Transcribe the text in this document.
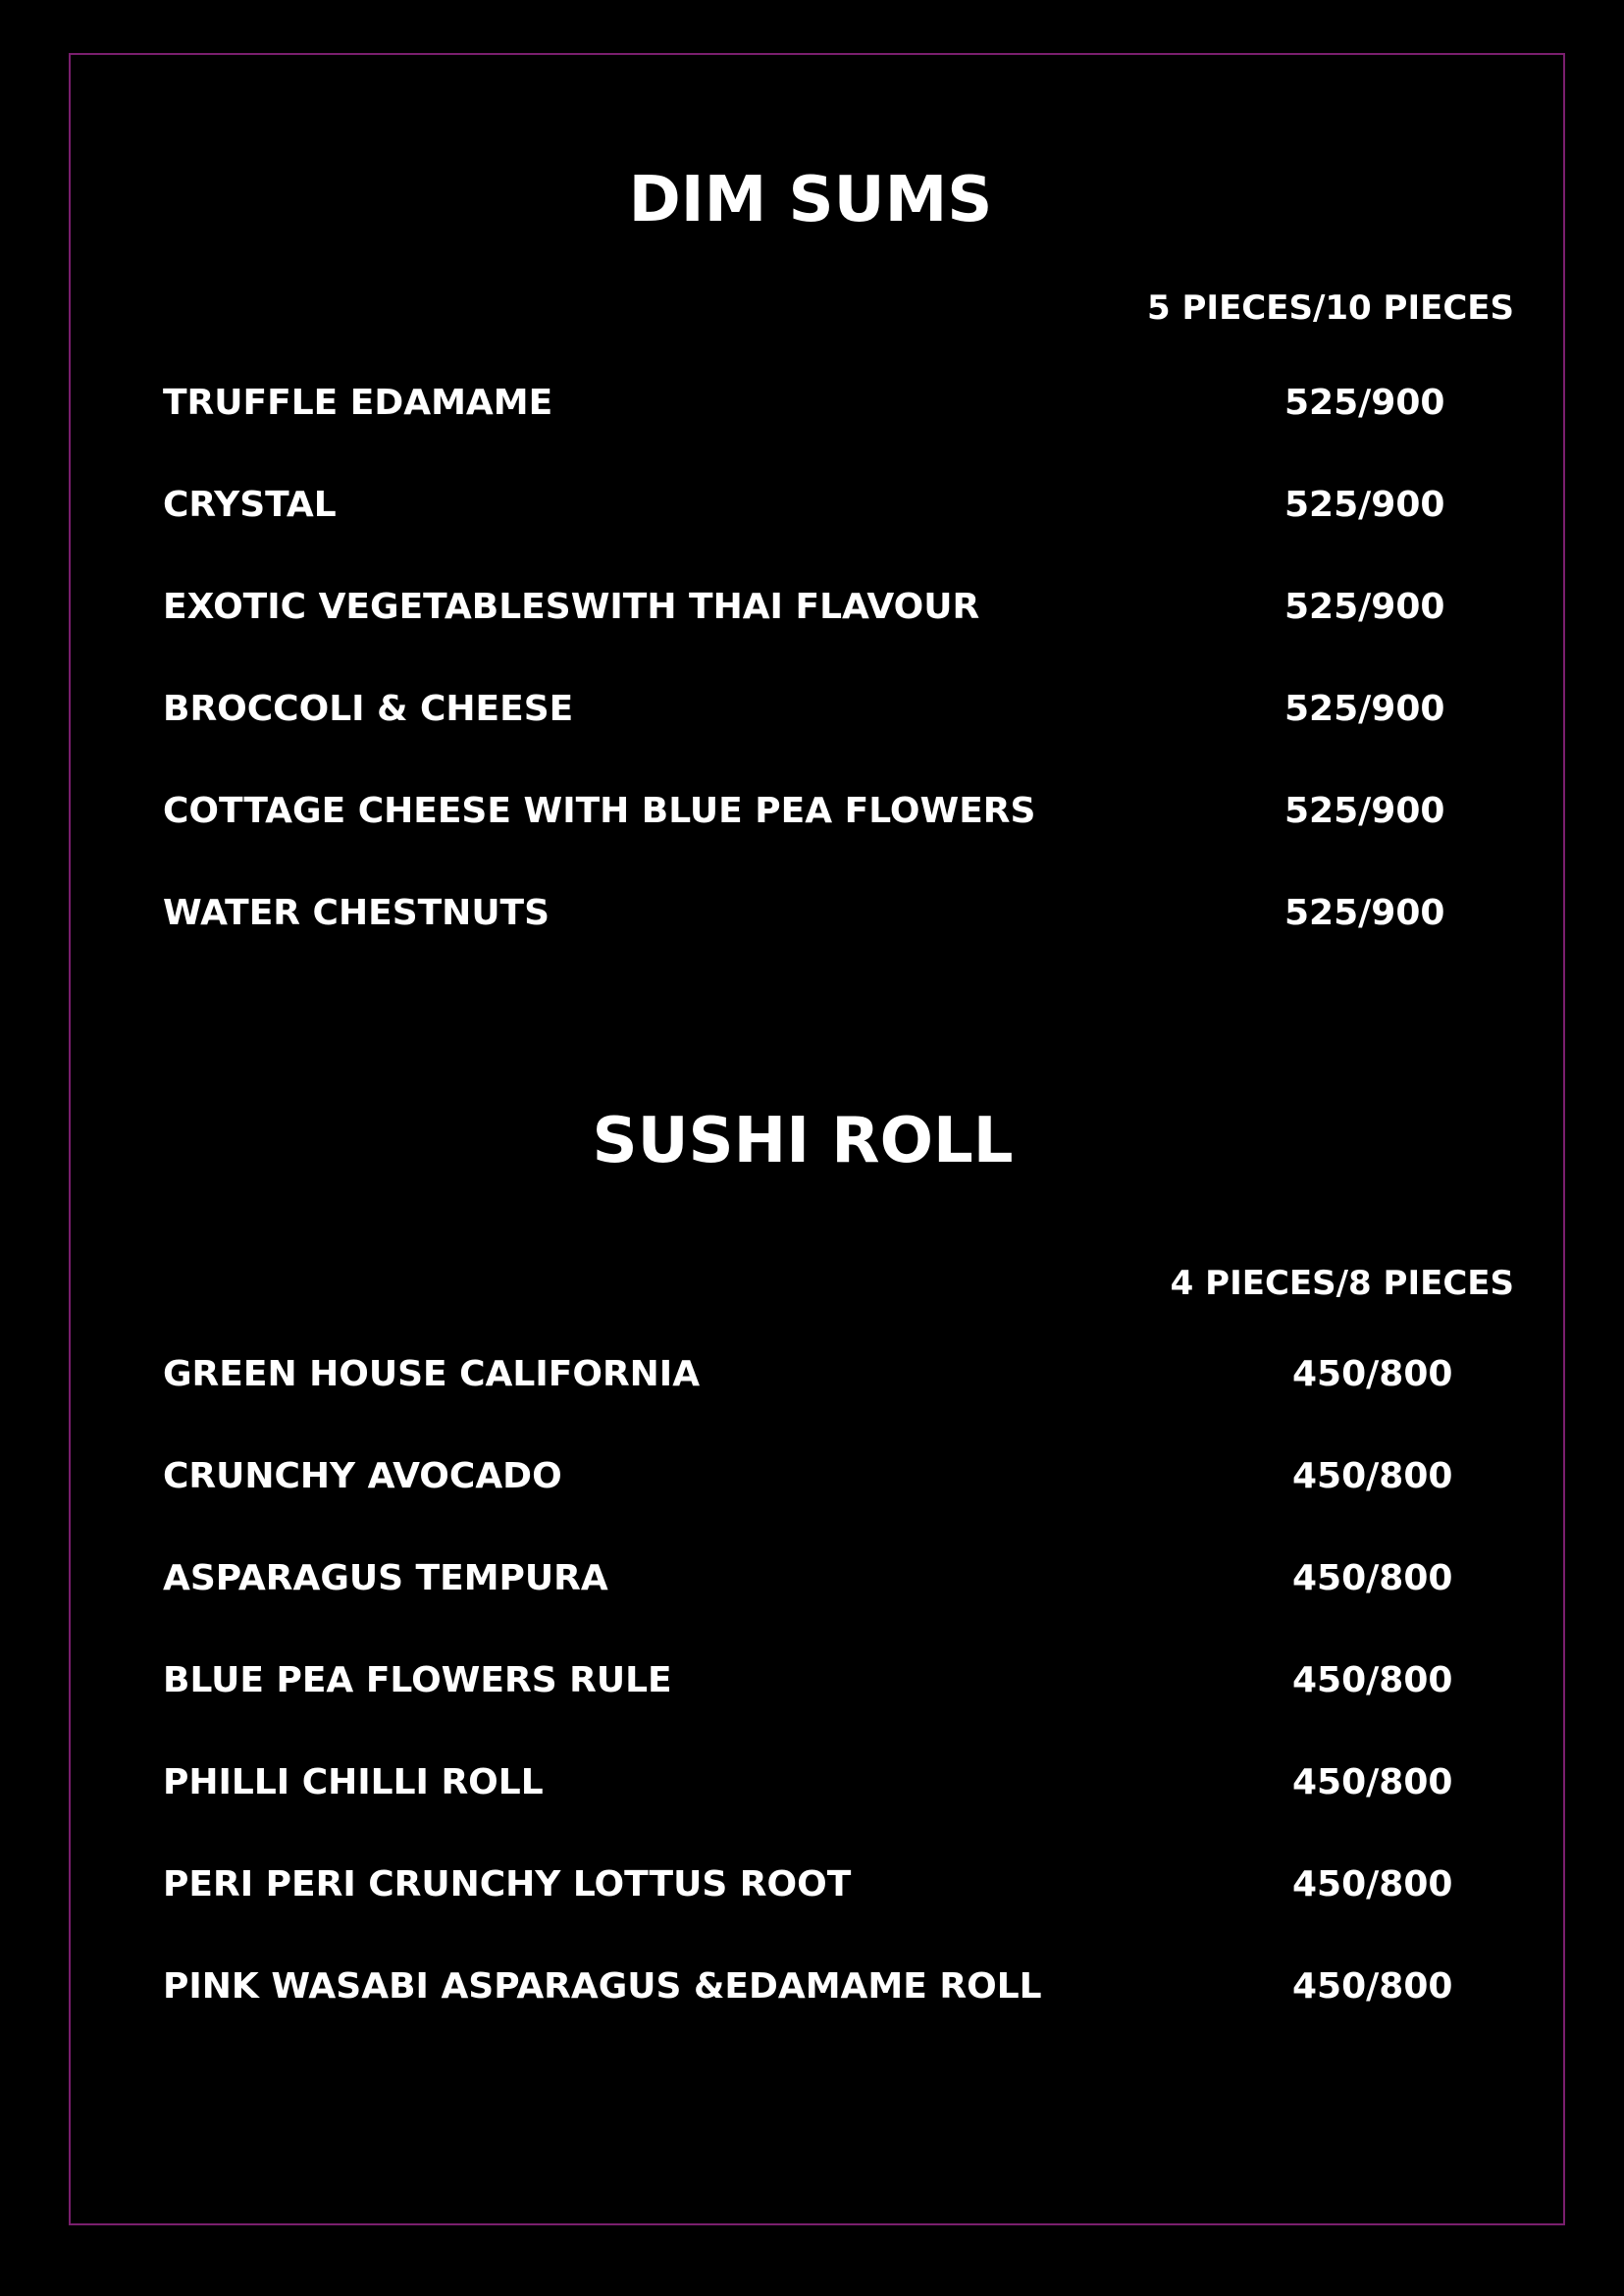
DIM SUMS
5 PIECES/10 PIECES
TRUFFLE EDAMAME	525/900
CRYSTAL	525/900
EXOTIC VEGETABLESWITH THAI FLAVOUR	525/900
BROCCOLI & CHEESE	525/900
COTTAGE CHEESE WITH BLUE PEA FLOWERS	525/900
WATER CHESTNUTS	525/900
SUSHI ROLL
4 PIECES/8 PIECES
GREEN HOUSE CALIFORNIA	450/800
CRUNCHY AVOCADO	450/800
ASPARAGUS TEMPURA	450/800
BLUE PEA FLOWERS RULE	450/800
PHILLI CHILLI ROLL	450/800
PERI PERI CRUNCHY LOTTUS ROOT	450/800
PINK WASABI ASPARAGUS &EDAMAME ROLL	450/800
